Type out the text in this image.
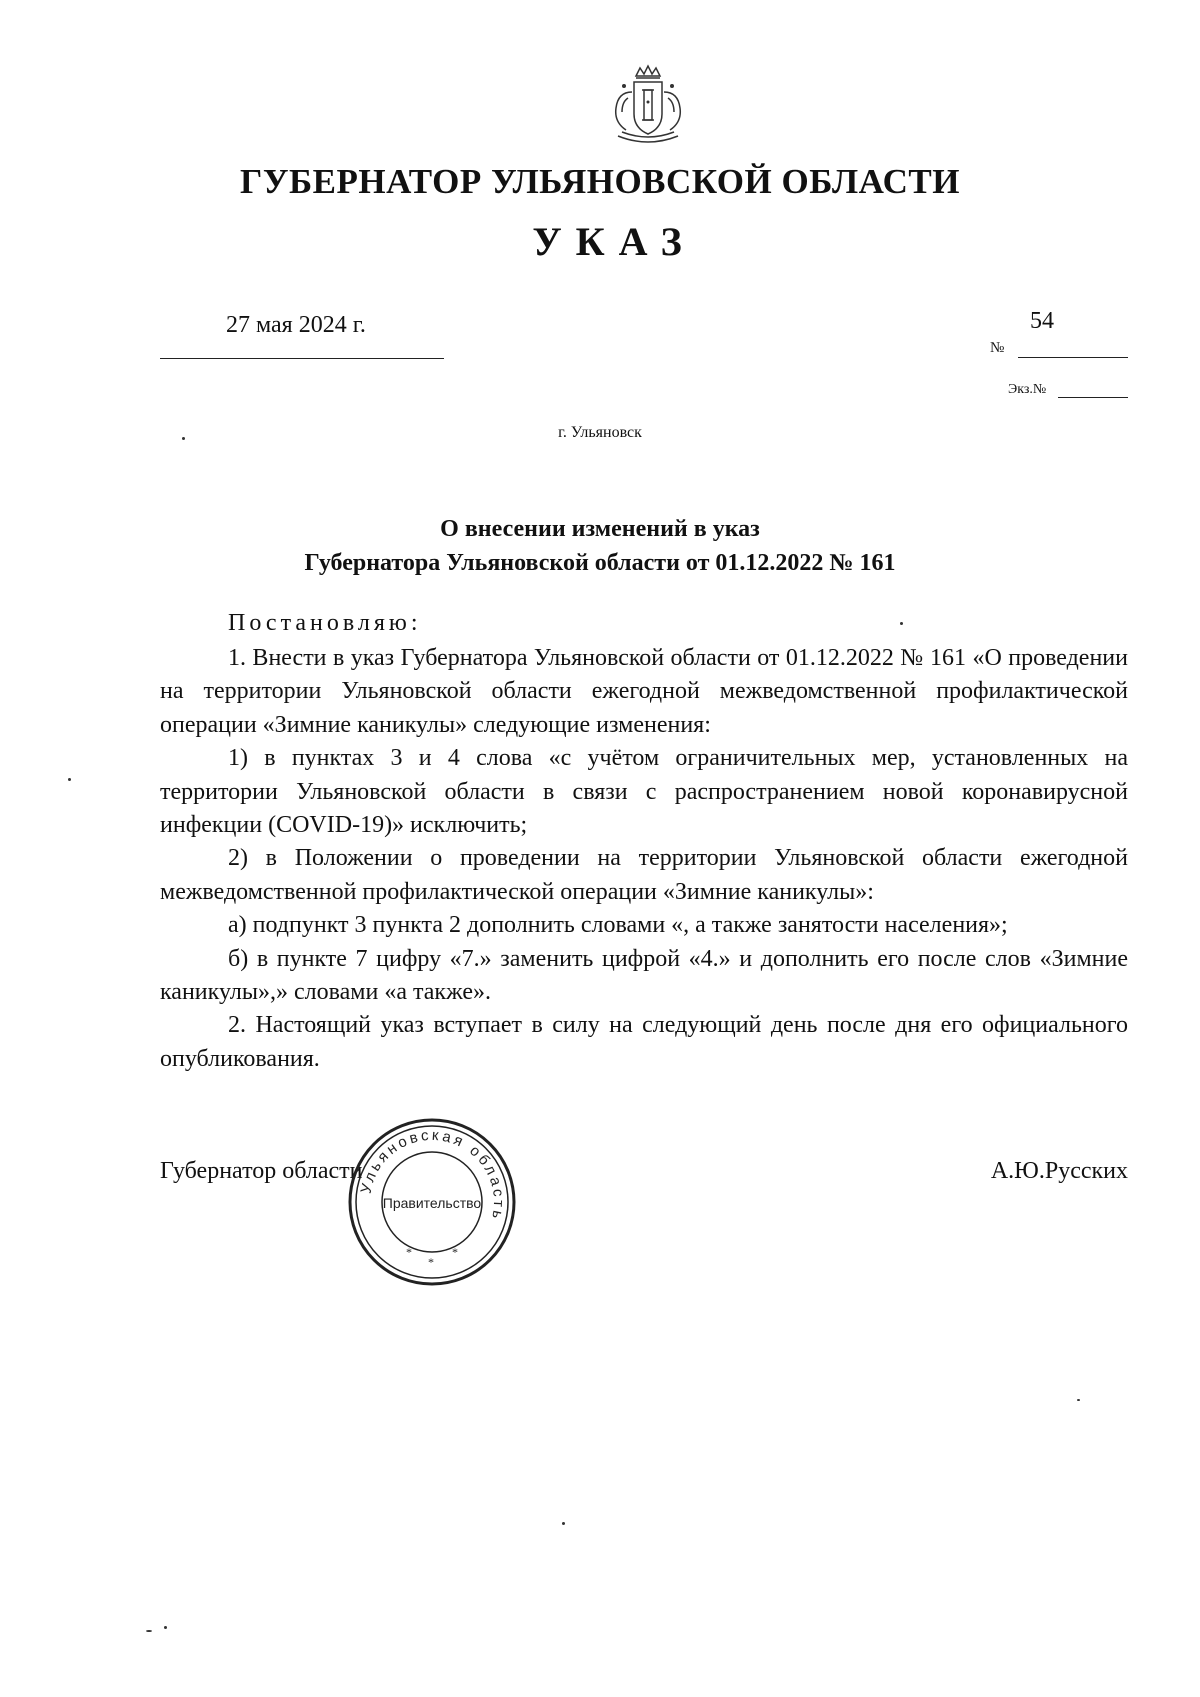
ГУБЕРНАТОР УЛЬЯНОВСКОЙ ОБЛАСТИ
УКАЗ
27 мая 2024 г.	54
№
Экз.№
г. Ульяновск
О внесении изменений в указ
Губернатора Ульяновской области от 01.12.2022 № 161
Постановляю:

1. Внести в указ Губернатора Ульяновской области от 01.12.2022 № 161 «О проведении на территории Ульяновской области ежегодной межведомственной профилактической операции «Зимние каникулы» следующие изменения:

1) в пунктах 3 и 4 слова «с учётом ограничительных мер, установленных на территории Ульяновской области в связи с распространением новой коронавирусной инфекции (COVID-19)» исключить;

2) в Положении о проведении на территории Ульяновской области ежегодной межведомственной профилактической операции «Зимние каникулы»:

а) подпункт 3 пункта 2 дополнить словами «, а также занятости населения»;

б) в пункте 7 цифру «7.» заменить цифрой «4.» и дополнить его после слов «Зимние каникулы»,» словами «а также».

2. Настоящий указ вступает в силу на следующий день после дня его официального опубликования.

Губернатор области	А.Ю.Русских
Ульяновская область
Правительство
*
*
*
